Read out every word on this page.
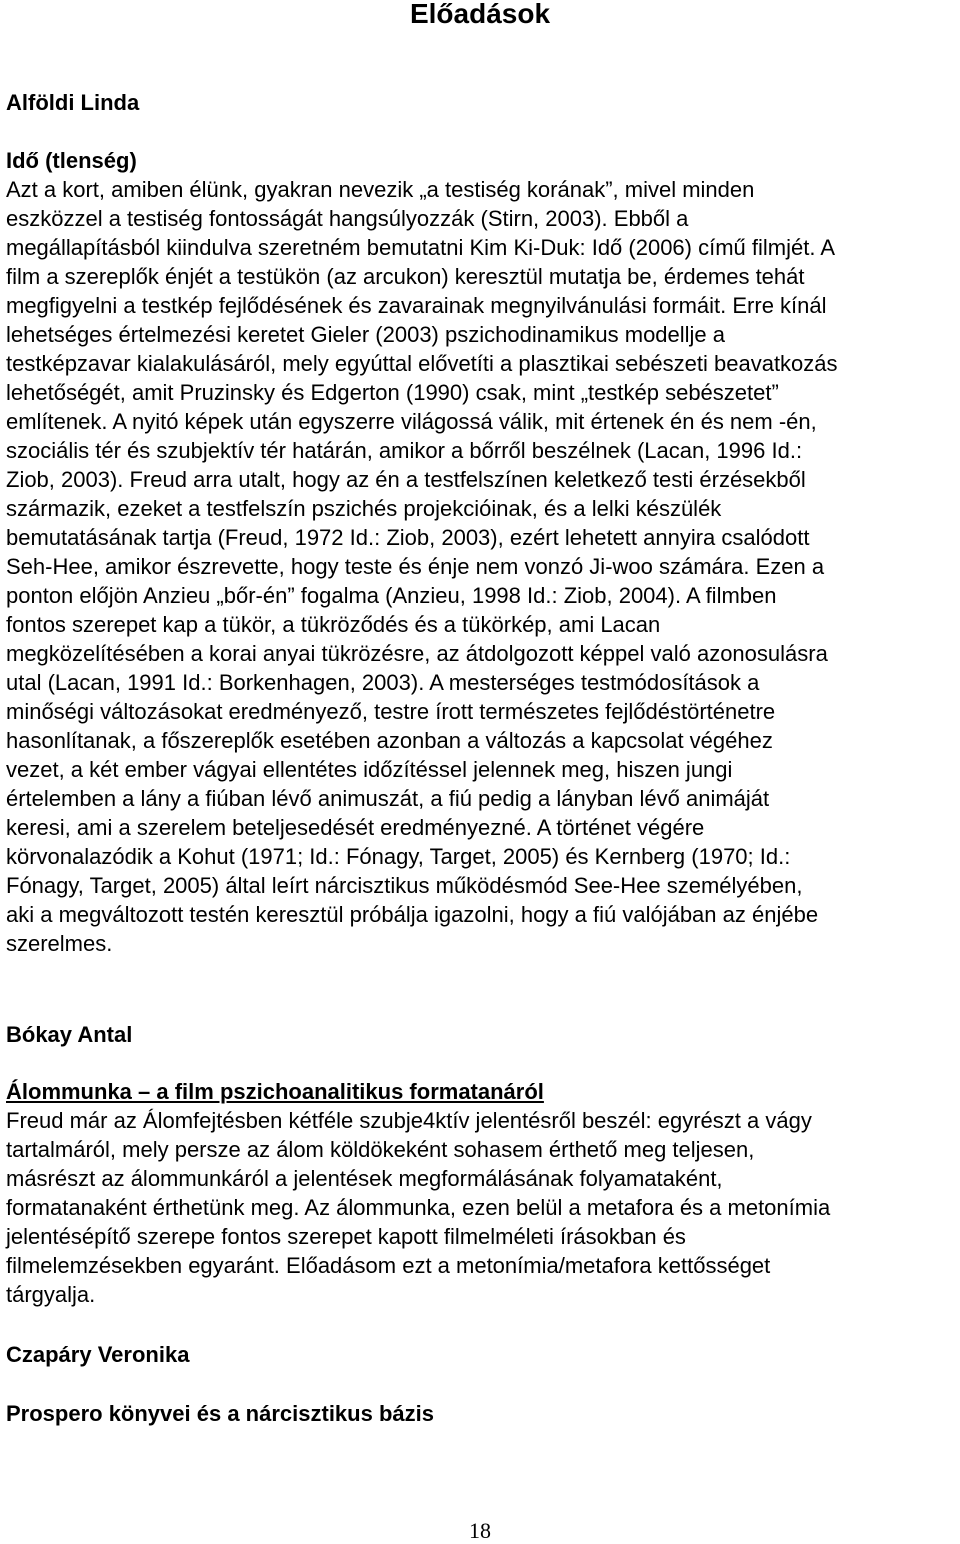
Előadások
Alföldi Linda
Idő (tlenség)
Azt a kort, amiben élünk, gyakran nevezik „a testiség korának”, mivel minden
eszközzel a testiség fontosságát hangsúlyozzák (Stirn, 2003). Ebből a
megállapításból kiindulva szeretném bemutatni Kim Ki-Duk: Idő (2006) című filmjét. A
film a szereplők énjét a testükön (az arcukon) keresztül mutatja be, érdemes tehát
megfigyelni a testkép fejlődésének és zavarainak megnyilvánulási formáit. Erre kínál
lehetséges értelmezési keretet Gieler (2003) pszichodinamikus modellje a
testképzavar kialakulásáról, mely egyúttal elővetíti a plasztikai sebészeti beavatkozás
lehetőségét, amit Pruzinsky és Edgerton (1990) csak, mint „testkép sebészetet”
említenek. A nyitó képek után egyszerre világossá válik, mit értenek én és nem -én,
szociális tér és szubjektív tér határán, amikor a bőrről beszélnek (Lacan, 1996 Id.:
Ziob, 2003). Freud arra utalt, hogy az én a testfelszínen keletkező testi érzésekből
származik, ezeket a testfelszín pszichés projekcióinak, és a lelki készülék
bemutatásának tartja (Freud, 1972 Id.: Ziob, 2003), ezért lehetett annyira csalódott
Seh-Hee, amikor észrevette, hogy teste és énje nem vonzó Ji-woo számára. Ezen a
ponton előjön Anzieu „bőr-én” fogalma (Anzieu, 1998 Id.: Ziob, 2004). A filmben
fontos szerepet kap a tükör, a tükröződés és a tükörkép, ami Lacan
megközelítésében a korai anyai tükrözésre, az átdolgozott képpel való azonosulásra
utal (Lacan, 1991 Id.: Borkenhagen, 2003). A mesterséges testmódosítások a
minőségi változásokat eredményező, testre írott természetes fejlődéstörténetre
hasonlítanak, a főszereplők esetében azonban a változás a kapcsolat végéhez
vezet, a két ember vágyai ellentétes időzítéssel jelennek meg, hiszen jungi
értelemben a lány a fiúban lévő animuszát, a fiú pedig a lányban lévő animáját
keresi, ami a szerelem beteljesedését eredményezné. A történet végére
körvonalazódik a Kohut (1971; Id.: Fónagy, Target, 2005) és Kernberg (1970; Id.:
Fónagy, Target, 2005) által leírt nárcisztikus működésmód See-Hee személyében,
aki a megváltozott testén keresztül próbálja igazolni, hogy a fiú valójában az énjébe
szerelmes.
Bókay Antal
Álommunka – a film pszichoanalitikus formatanáról
Freud már az Álomfejtésben kétféle szubje4ktív jelentésről beszél: egyrészt a vágy
tartalmáról, mely persze az álom köldökeként sohasem érthető meg teljesen,
másrészt az álommunkáról a jelentések megformálásának folyamataként,
formatanaként érthetünk meg. Az álommunka, ezen belül a metafora és a metonímia
jelentésépítő szerepe fontos szerepet kapott filmelméleti írásokban és
filmelemzésekben egyaránt. Előadásom ezt a metonímia/metafora kettősséget
tárgyalja.
Czapáry Veronika
Prospero könyvei és a nárcisztikus bázis
18
